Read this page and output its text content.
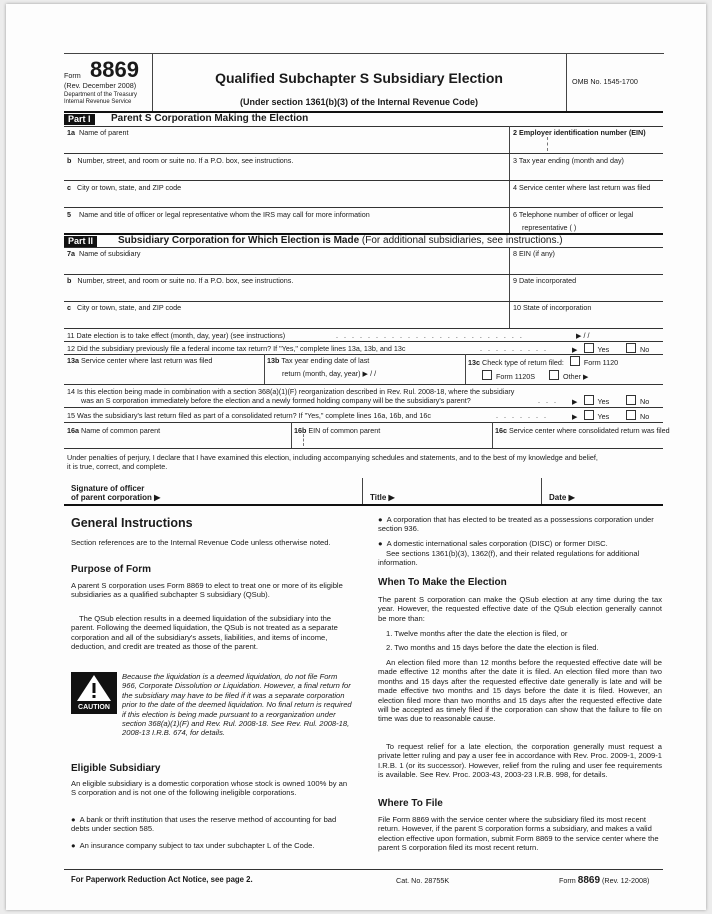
Form 8869
(Rev. December 2008)
Department of the Treasury
Internal Revenue Service
Qualified Subchapter S Subsidiary Election
(Under section 1361(b)(3) of the Internal Revenue Code)
OMB No. 1545-1700
Part I	Parent S Corporation Making the Election
1a Name of parent	2 Employer identification number (EIN)
b Number, street, and room or suite no. If a P.O. box, see instructions.	3 Tax year ending (month and day)
c City or town, state, and ZIP code	4 Service center where last return was filed
5 Name and title of officer or legal representative whom the IRS may call for more information	6 Telephone number of officer or legal
representative ( )
Part II	Subsidiary Corporation for Which Election is Made (For additional subsidiaries, see instructions.)
7a Name of subsidiary	8 EIN (if any)
b Number, street, and room or suite no. If a P.O. box, see instructions.	9 Date incorporated
c City or town, state, and ZIP code	10 State of incorporation
11 Date election is to take effect (month, day, year) (see instructions)	. . . . . . . . . . . . . . . . . . . . . . . .	▶ / /
12 Did the subsidiary previously file a federal income tax return? If "Yes," complete lines 13a, 13b, and 13c	. . . . . . . . .	▶	Yes	No
13a Service center where last return was filed	13b Tax year ending date of last
return (month, day, year) ▶ / /
13c Check type of return filed:	Form 1120
Form 1120S	Other ▶
14 Is this election being made in combination with a section 368(a)(1)(F) reorganization described in Rev. Rul. 2008-18, where the subsidiary
was an S corporation immediately before the election and a newly formed holding company will be the subsidiary's parent?	. . . ▶	Yes	No
15 Was the subsidiary's last return filed as part of a consolidated return? If "Yes," complete lines 16a, 16b, and 16c	. . . . . . .	▶	Yes	No
16a Name of common parent	16b EIN of common parent	16c Service center where consolidated return was filed
Under penalties of perjury, I declare that I have examined this election, including accompanying schedules and statements, and to the best of my knowledge and belief,
it is true, correct, and complete.
Signature of officer
of parent corporation ▶	Title ▶	Date ▶
General Instructions
Section references are to the Internal Revenue Code unless otherwise noted.
Purpose of Form
A parent S corporation uses Form 8869 to elect to treat one or more of its eligible subsidiaries as a qualified subchapter S subsidiary (QSub).
The QSub election results in a deemed liquidation of the subsidiary into the parent. Following the deemed liquidation, the QSub is not treated as a separate corporation and all of the subsidiary's assets, liabilities, and items of income, deduction, and credit are treated as those of the parent.
CAUTION
Because the liquidation is a deemed liquidation, do not file Form 966, Corporate Dissolution or Liquidation. However, a final return for the subsidiary may have to be filed if it was a separate corporation prior to the date of the deemed liquidation. No final return is required if this election is being made pursuant to a reorganization under section 368(a)(1)(F) and Rev. Rul. 2008-18. See Rev. Rul. 2008-18, 2008-13 I.R.B. 674, for details.
Eligible Subsidiary
An eligible subsidiary is a domestic corporation whose stock is owned 100% by an S corporation and is not one of the following ineligible corporations.
● A bank or thrift institution that uses the reserve method of accounting for bad debts under section 585.
● An insurance company subject to tax under subchapter L of the Code.
● A corporation that has elected to be treated as a possessions corporation under section 936.
● A domestic international sales corporation (DISC) or former DISC.
See sections 1361(b)(3), 1362(f), and their related regulations for additional information.
When To Make the Election
The parent S corporation can make the QSub election at any time during the tax year. However, the requested effective date of the QSub election generally cannot be more than:
1. Twelve months after the date the election is filed, or
2. Two months and 15 days before the date the election is filed.
An election filed more than 12 months before the requested effective date will be made effective 12 months after the date it is filed. An election filed more than two months and 15 days after the requested effective date generally is late and will be made effective two months and 15 days before the date it is filed. However, an election filed more than two months and 15 days after the requested effective date will be accepted as timely filed if the corporation can show that the failure to file on time was due to reasonable cause.
To request relief for a late election, the corporation generally must request a private letter ruling and pay a user fee in accordance with Rev. Proc. 2009-1, 2009-1 I.R.B. 1 (or its successor). However, relief from the ruling and user fee requirements is available. See Rev. Proc. 2003-43, 2003-23 I.R.B. 998, for details.
Where To File
File Form 8869 with the service center where the subsidiary filed its most recent return. However, if the parent S corporation forms a subsidiary, and makes a valid election effective upon formation, submit Form 8869 to the service center where the parent S corporation filed its most recent return.
For Paperwork Reduction Act Notice, see page 2.	Cat. No. 28755K	Form 8869 (Rev. 12-2008)
